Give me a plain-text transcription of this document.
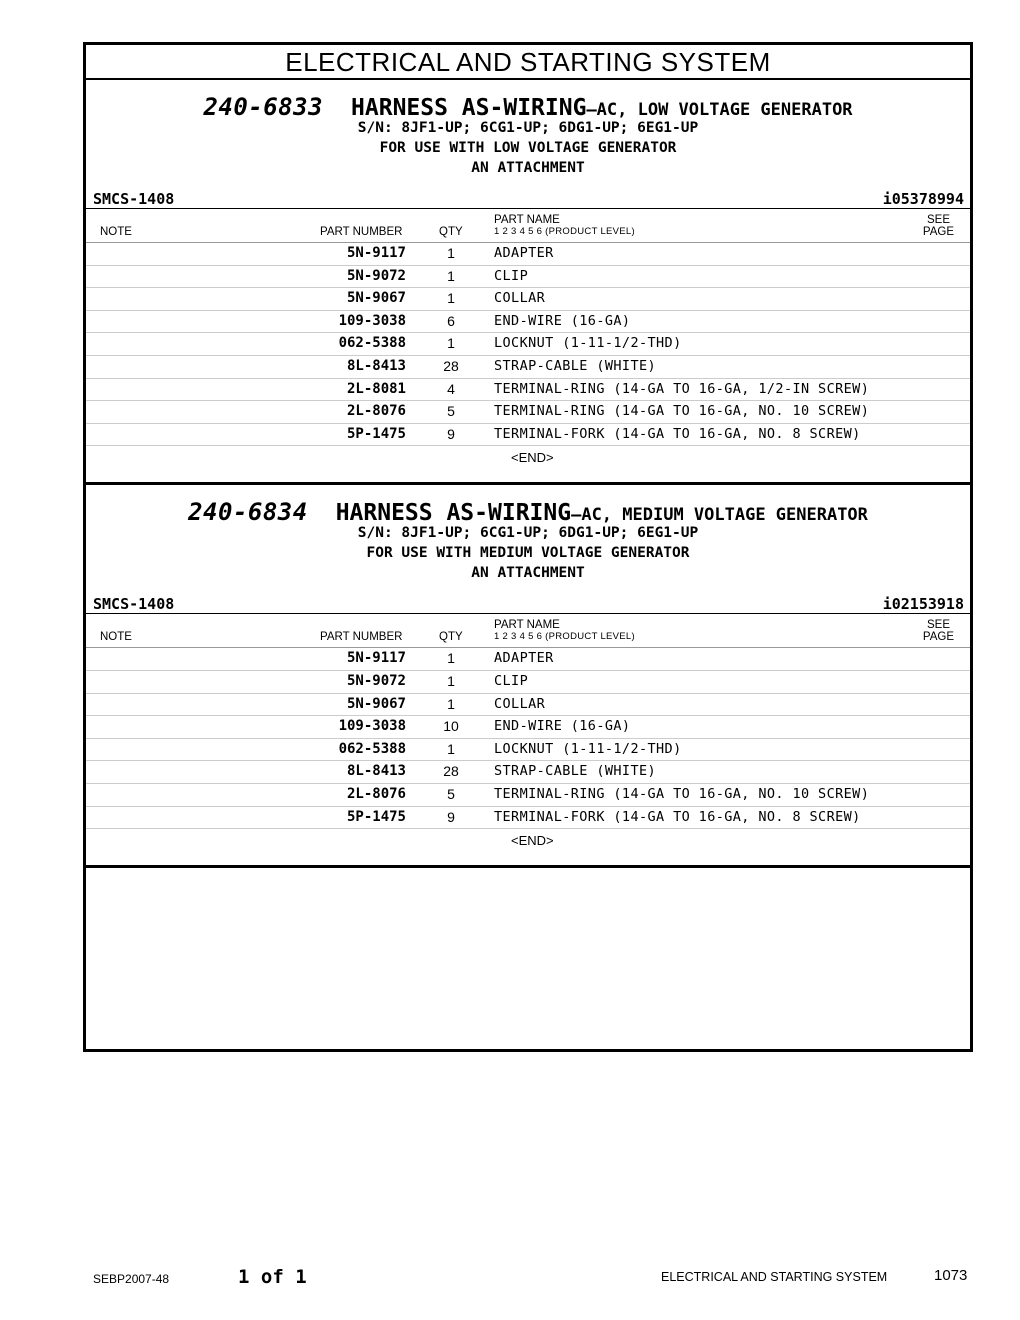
ELECTRICAL AND STARTING SYSTEM
240-6833 HARNESS AS-WIRING—AC, LOW VOLTAGE GENERATOR
S/N: 8JF1-UP; 6CG1-UP; 6DG1-UP; 6EG1-UP
FOR USE WITH LOW VOLTAGE GENERATOR
AN ATTACHMENT
SMCS-1408	i05378994
NOTE	PART NUMBER	QTY
PART NAME
1 2 3 4 5 6 (PRODUCT LEVEL)
SEE
PAGE
5N-9117	1	ADAPTER
5N-9072	1	CLIP
5N-9067	1	COLLAR
109-3038	6	END-WIRE (16-GA)
062-5388	1	LOCKNUT (1-11-1/2-THD)
8L-8413	28	STRAP-CABLE (WHITE)
2L-8081	4	TERMINAL-RING (14-GA TO 16-GA, 1/2-IN SCREW)
2L-8076	5	TERMINAL-RING (14-GA TO 16-GA, NO. 10 SCREW)
5P-1475	9	TERMINAL-FORK (14-GA TO 16-GA, NO. 8 SCREW)
<END>
240-6834 HARNESS AS-WIRING—AC, MEDIUM VOLTAGE GENERATOR
S/N: 8JF1-UP; 6CG1-UP; 6DG1-UP; 6EG1-UP
FOR USE WITH MEDIUM VOLTAGE GENERATOR
AN ATTACHMENT
SMCS-1408	i02153918
NOTE	PART NUMBER	QTY
PART NAME
1 2 3 4 5 6 (PRODUCT LEVEL)
SEE
PAGE
5N-9117	1	ADAPTER
5N-9072	1	CLIP
5N-9067	1	COLLAR
109-3038	10	END-WIRE (16-GA)
062-5388	1	LOCKNUT (1-11-1/2-THD)
8L-8413	28	STRAP-CABLE (WHITE)
2L-8076	5	TERMINAL-RING (14-GA TO 16-GA, NO. 10 SCREW)
5P-1475	9	TERMINAL-FORK (14-GA TO 16-GA, NO. 8 SCREW)
<END>
SEBP2007-48	1 of 1	ELECTRICAL AND STARTING SYSTEM	1073
